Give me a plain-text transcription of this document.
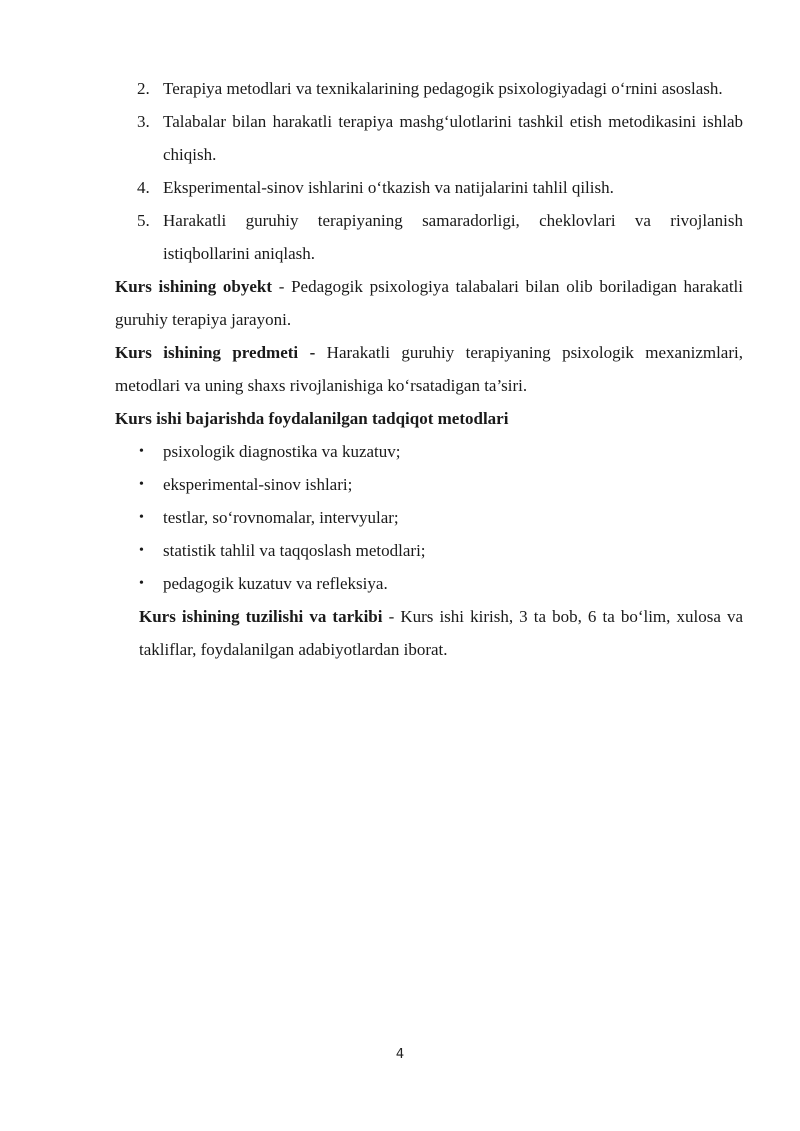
2. Terapiya metodlari va texnikalarining pedagogik psixologiyadagi oʻrnini asoslash.
3. Talabalar bilan harakatli terapiya mashgʻulotlarini tashkil etish metodikasini ishlab chiqish.
4. Eksperimental-sinov ishlarini oʻtkazish va natijalarini tahlil qilish.
5. Harakatli guruhiy terapiyaning samaradorligi, cheklovlari va rivojlanish istiqbollarini aniqlash.

Kurs ishining obyekt - Pedagogik psixologiya talabalari bilan olib boriladigan harakatli guruhiy terapiya jarayoni.

Kurs ishining predmeti - Harakatli guruhiy terapiyaning psixologik mexanizmlari, metodlari va uning shaxs rivojlanishiga koʻrsatadigan ta’siri.

Kurs ishi bajarishda foydalanilgan tadqiqot metodlari

• psixologik diagnostika va kuzatuv;
• eksperimental-sinov ishlari;
• testlar, soʻrovnomalar, intervyular;
• statistik tahlil va taqqoslash metodlari;
• pedagogik kuzatuv va refleksiya.

Kurs ishining tuzilishi va tarkibi - Kurs ishi kirish, 3 ta bob, 6 ta boʻlim, xulosa va takliflar, foydalanilgan adabiyotlardan iborat.

4
